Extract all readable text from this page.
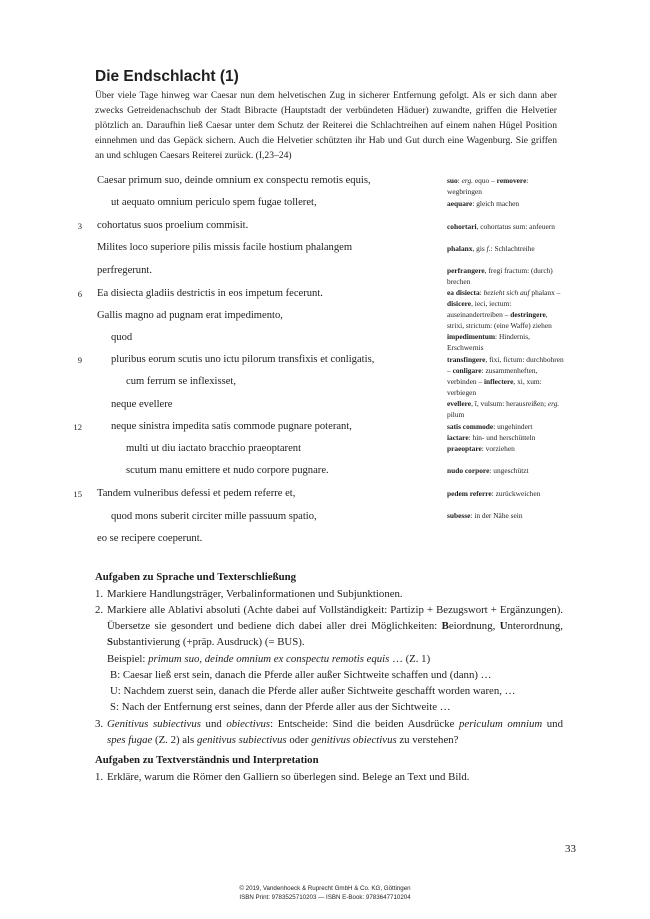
Die Endschlacht (1)
Über viele Tage hinweg war Caesar nun dem helvetischen Zug in sicherer Entfernung gefolgt. Als er sich dann aber zwecks Getreidenachschub der Stadt Bibracte (Hauptstadt der verbündeten Häduer) zuwandte, griffen die Helvetier plötzlich an. Daraufhin ließ Caesar unter dem Schutz der Reiterei die Schlachtreihen auf einem nahen Hügel Position einnehmen und das Gepäck sichern. Auch die Helvetier schützten ihr Hab und Gut durch eine Wagenburg. Sie griffen an und schlugen Caesars Reiterei zurück. (I,23–24)
Caesar primum suo, deinde omnium ex conspectu remotis equis,
ut aequato omnium periculo spem fugae tolleret,
cohortatus suos proelium commisit.
Milites loco superiore pilis missis facile hostium phalangem
perfregerunt.
Ea disiecta gladiis destrictis in eos impetum fecerunt.
Gallis magno ad pugnam erat impedimento,
quod
pluribus eorum scutis uno ictu pilorum transfixis et conligatis,
cum ferrum se inflexisset,
neque evellere
neque sinistra impedita satis commode pugnare poterant,
multi ut diu iactato bracchio praeoptarent
scutum manu emittere et nudo corpore pugnare.
Tandem vulneribus defessi et pedem referre et,
quod mons suberit circiter mille passuum spatio,
eo se recipere coeperunt.
3
6
9
12
15
suo: erg. equo – removere: wegbringen
aequare: gleich machen
cohortari, cohortatus sum: anfeuern
phalanx, gis f.: Schlachtreihe
perfrangere, fregi fractum: (durch) brechen
ea disiecta: bezieht sich auf phalanx – disicere, ieci, iectum: auseinandertreiben – destringere, strixi, strictum: (eine Waffe) ziehen
impedimentum: Hindernis, Erschwernis
transfingere, fixi, fictum: durchbohren – conligare: zusammenheften, verbinden – inflectere, xi, xum: verbiegen
evellere, ī, vulsum: herausreißen; erg. pilum
satis commode: ungehindert
iactare: hin- und herschütteln
praeoptare: vorziehen
nudo corpore: ungeschützt
pedem referre: zurückweichen
subesse: in der Nähe sein
Aufgaben zu Sprache und Texterschließung
1. Markiere Handlungsträger, Verbalinformationen und Subjunktionen.
2. Markiere alle Ablativi absoluti (Achte dabei auf Vollständigkeit: Partizip + Bezugswort + Ergänzungen). Übersetze sie gesondert und bediene dich dabei aller drei Möglichkeiten: Beiordnung, Unterordnung, Substantivierung (+präp. Ausdruck) (= BUS).
Beispiel: primum suo, deinde omnium ex conspectu remotis equis … (Z. 1)
B: Caesar ließ erst sein, danach die Pferde aller außer Sichtweite schaffen und (dann) …
U: Nachdem zuerst sein, danach die Pferde aller außer Sichtweite geschafft worden waren, …
S: Nach der Entfernung erst seines, dann der Pferde aller aus der Sichtweite …
3. Genitivus subiectivus und obiectivus: Entscheide: Sind die beiden Ausdrücke periculum omnium und spes fugae (Z. 2) als genitivus subiectivus oder genitivus obiectivus zu verstehen?
Aufgaben zu Textverständnis und Interpretation
1. Erkläre, warum die Römer den Galliern so überlegen sind. Belege an Text und Bild.
33
© 2019, Vandenhoeck & Ruprecht GmbH & Co. KG, Göttingen
ISBN Print: 9783525710203 — ISBN E-Book: 9783647710204
